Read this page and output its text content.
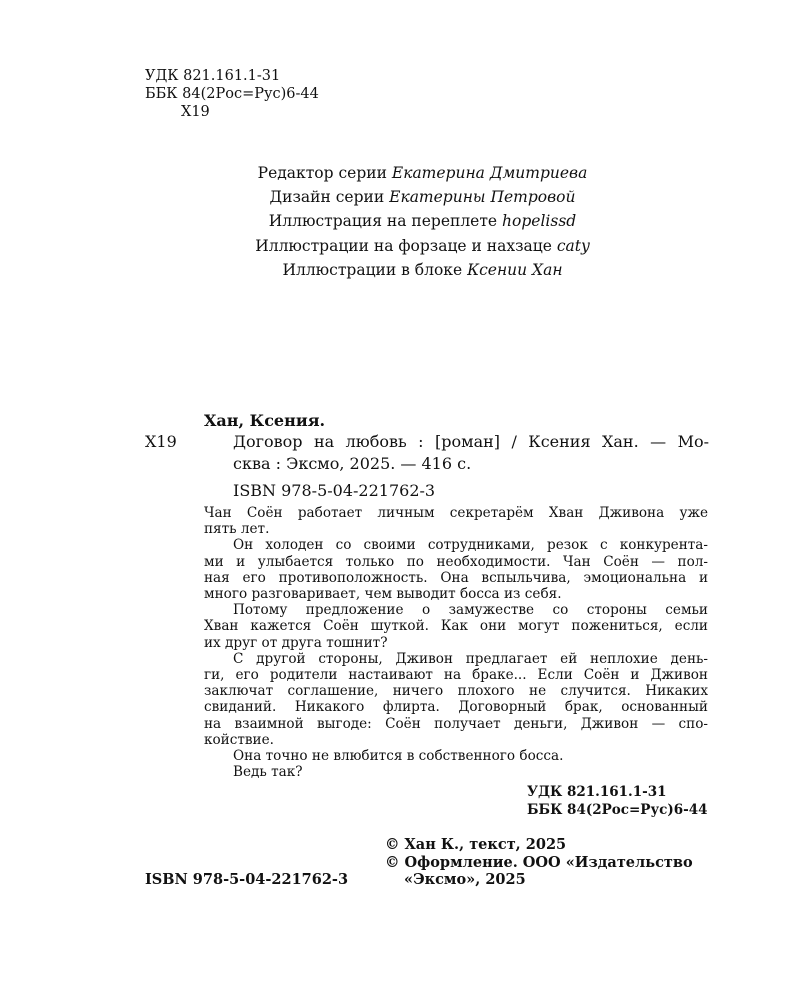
УДК 821.161.1-31
ББК 84(2Рос=Рус)6-44
Х19
Редактор серии Екатерина Дмитриева
Дизайн серии Екатерины Петровой
Иллюстрация на переплете hopelissd
Иллюстрации на форзаце и нахзаце caty
Иллюстрации в блоке Ксении Хан
Хан, Ксения.
Х19	Договор на любовь : [роман] / Ксения Хан. — Мо-
сква : Эксмо, 2025. — 416 с.
ISBN 978-5-04-221762-3
Чан Соён работает личным секретарём Хван Дживона уже
пять лет.
Он холоден со своими сотрудниками, резок с конкурента-
ми и улыбается только по необходимости. Чан Соён — пол-
ная его противоположность. Она вспыльчива, эмоциональна и
много разговаривает, чем выводит босса из себя.
Потому предложение о замужестве со стороны семьи
Хван кажется Соён шуткой. Как они могут пожениться, если
их друг от друга тошнит?
С другой стороны, Дживон предлагает ей неплохие день-
ги, его родители настаивают на браке... Если Соён и Дживон
заключат соглашение, ничего плохого не случится. Никаких
свиданий. Никакого флирта. Договорный брак, основанный
на взаимной выгоде: Соён получает деньги, Дживон — спо-
койствие.
Она точно не влюбится в собственного босса.
Ведь так?
УДК 821.161.1-31
ББК 84(2Рос=Рус)6-44
© Хан К., текст, 2025
© Оформление. ООО «Издательство
«Эксмо», 2025
ISBN 978-5-04-221762-3
